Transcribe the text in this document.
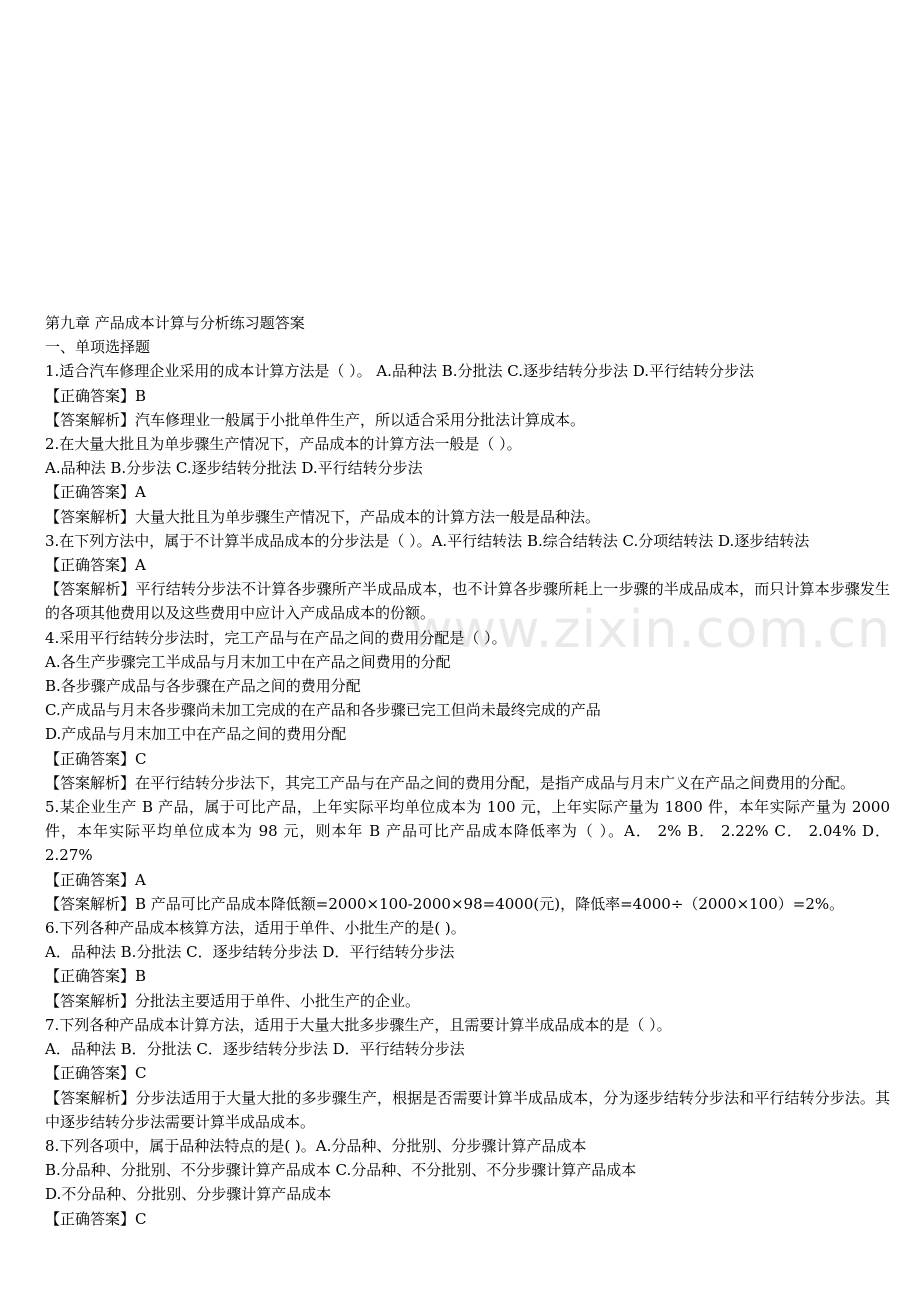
www.zixin.com.cn
第九章 产品成本计算与分析练习题答案
一、单项选择题
1.适合汽车修理企业采用的成本计算方法是（ ）。 A.品种法 B.分批法 C.逐步结转分步法 D.平行结转分步法
【正确答案】B
【答案解析】汽车修理业一般属于小批单件生产，所以适合采用分批法计算成本。
2.在大量大批且为单步骤生产情况下，产品成本的计算方法一般是（ ）。
A.品种法 B.分步法 C.逐步结转分批法 D.平行结转分步法
【正确答案】A
【答案解析】大量大批且为单步骤生产情况下，产品成本的计算方法一般是品种法。
3.在下列方法中，属于不计算半成品成本的分步法是（ ）。A.平行结转法 B.综合结转法 C.分项结转法 D.逐步结转法
【正确答案】A
【答案解析】平行结转分步法不计算各步骤所产半成品成本，也不计算各步骤所耗上一步骤的半成品成本，而只计算本步骤发生的各项其他费用以及这些费用中应计入产成品成本的份额。
4.采用平行结转分步法时，完工产品与在产品之间的费用分配是（ ）。
A.各生产步骤完工半成品与月末加工中在产品之间费用的分配
B.各步骤产成品与各步骤在产品之间的费用分配
C.产成品与月末各步骤尚未加工完成的在产品和各步骤已完工但尚未最终完成的产品
D.产成品与月末加工中在产品之间的费用分配
【正确答案】C
【答案解析】在平行结转分步法下，其完工产品与在产品之间的费用分配，是指产成品与月末广义在产品之间费用的分配。
5.某企业生产 B 产品，属于可比产品，上年实际平均单位成本为 100 元，上年实际产量为 1800 件，本年实际产量为 2000 件，本年实际平均单位成本为 98 元，则本年 B 产品可比产品成本降低率为（ ）。A． 2% B． 2.22% C． 2.04% D． 2.27%
【正确答案】A
【答案解析】B 产品可比产品成本降低额=2000×100-2000×98=4000(元)，降低率=4000÷（2000×100）=2%。
6.下列各种产品成本核算方法，适用于单件、小批生产的是( )。
A．品种法 B.分批法 C．逐步结转分步法 D．平行结转分步法
【正确答案】B
【答案解析】分批法主要适用于单件、小批生产的企业。
7.下列各种产品成本计算方法，适用于大量大批多步骤生产，且需要计算半成品成本的是（ ）。
A．品种法 B．分批法 C．逐步结转分步法 D．平行结转分步法
【正确答案】C
【答案解析】分步法适用于大量大批的多步骤生产，根据是否需要计算半成品成本，分为逐步结转分步法和平行结转分步法。其中逐步结转分步法需要计算半成品成本。
8.下列各项中，属于品种法特点的是( )。A.分品种、分批别、分步骤计算产品成本
B.分品种、分批别、不分步骤计算产品成本 C.分品种、不分批别、不分步骤计算产品成本
D.不分品种、分批别、分步骤计算产品成本
【正确答案】C
